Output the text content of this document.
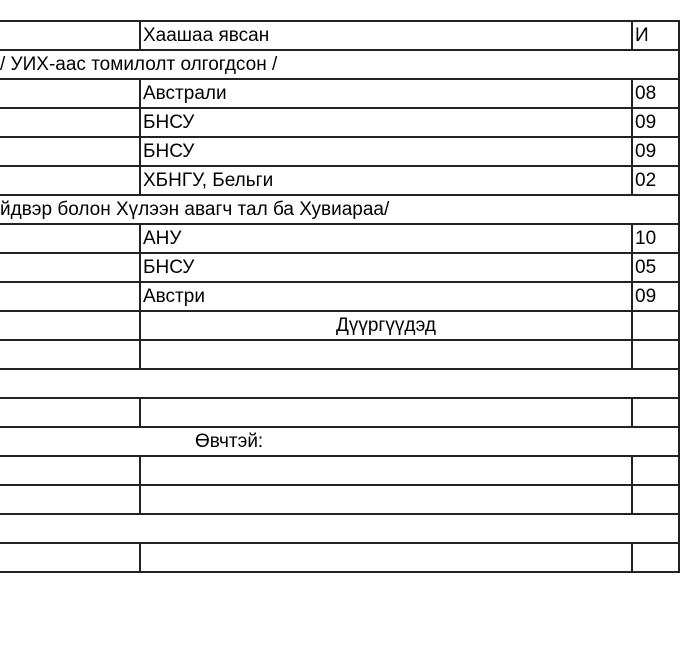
	Хаашаа явсан	И
/ УИХ-аас томилолт олгогдсон /		
	Австрали	08
	БНСУ	09
	БНСУ	09
	ХБНГУ, Бельги	02
йдвэр болон Хүлээн авагч тал ба Хувиараа/		
	АНУ	10
	БНСУ	05
	Австри	09
	Дүүргүүдэд	

Өвчтэй:		
